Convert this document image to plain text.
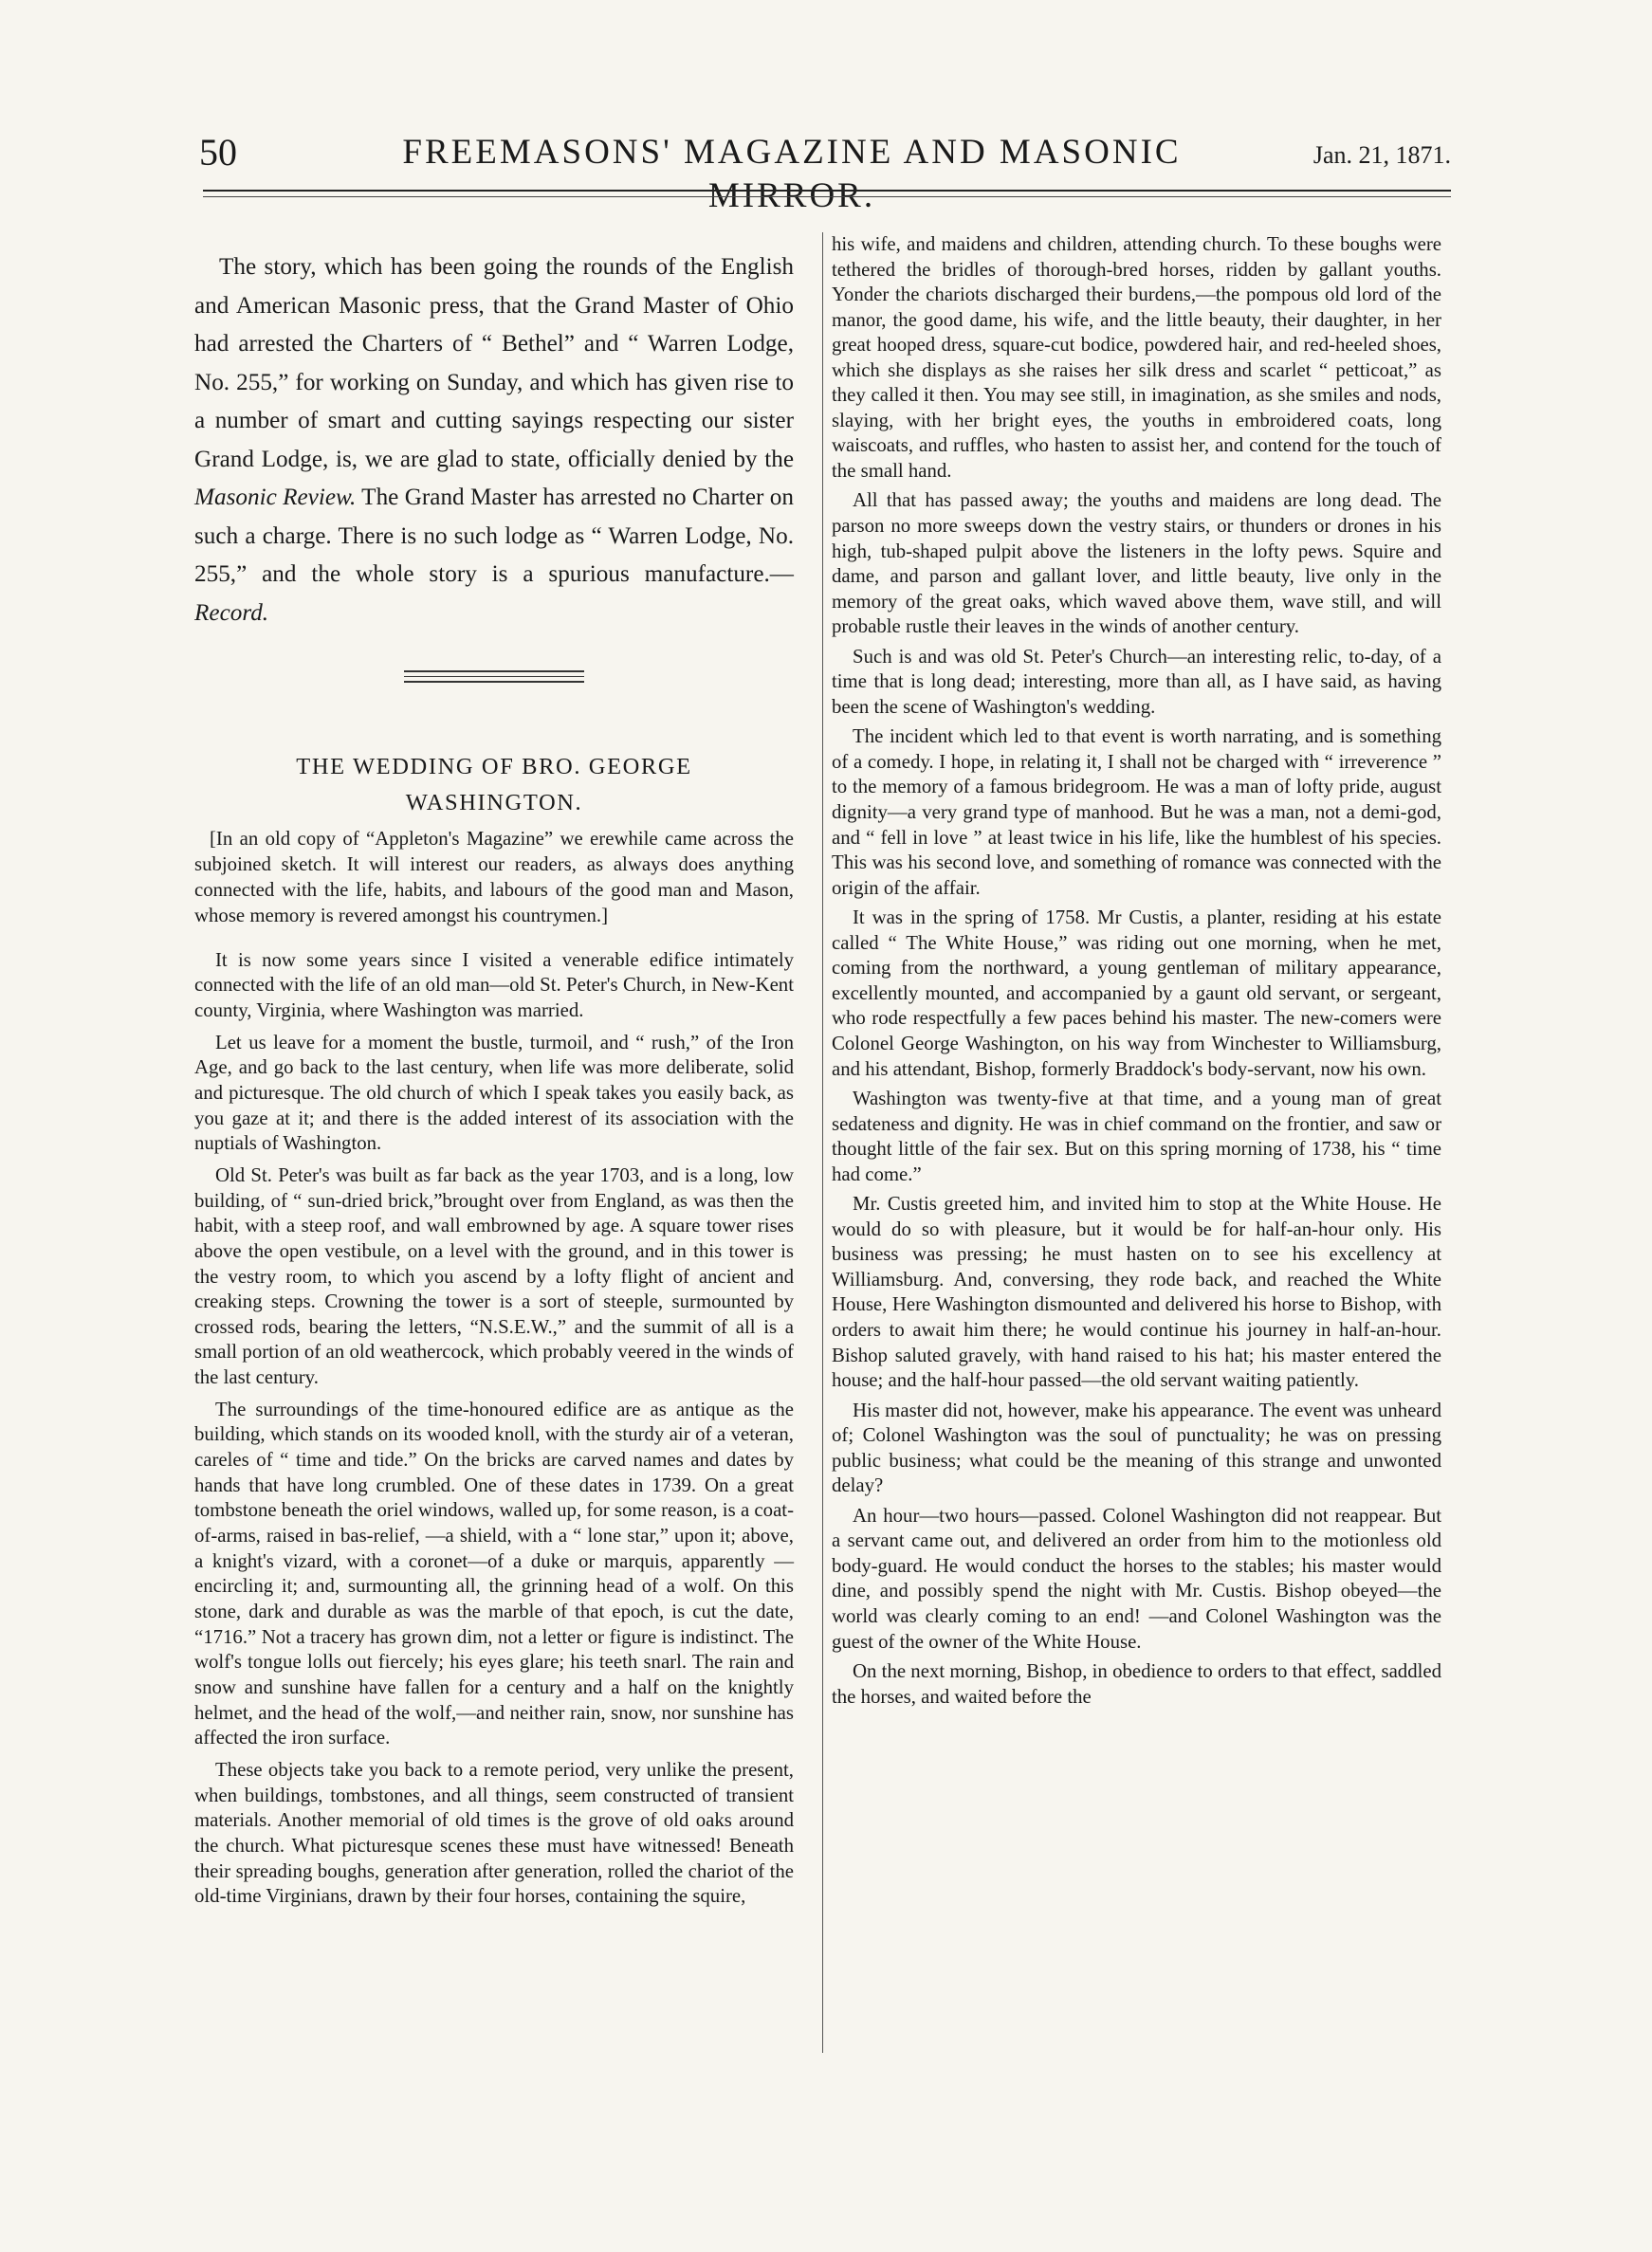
50	FREEMASONS' MAGAZINE AND MASONIC MIRROR.
Jan. 21, 1871.

The story, which has been going the rounds of the English and American Masonic press, that the Grand Master of Ohio had arrested the Charters of “ Bethel” and “ Warren Lodge, No. 255,” for working on Sunday, and which has given rise to a number of smart and cutting sayings respecting our sister Grand Lodge, is, we are glad to state, officially denied by the Masonic Review. The Grand Master has arrested no Charter on such a charge. There is no such lodge as “ Warren Lodge, No. 255,” and the whole story is a spurious manufacture.—Record.

THE WEDDING OF BRO. GEORGE
WASHINGTON.

[In an old copy of “Appleton's Magazine” we erewhile came across the subjoined sketch. It will interest our readers, as always does anything connected with the life, habits, and labours of the good man and Mason, whose memory is revered amongst his countrymen.]

It is now some years since I visited a venerable edifice intimately connected with the life of an old man—old St. Peter's Church, in New-Kent county, Virginia, where Washington was married.

Let us leave for a moment the bustle, turmoil, and “ rush,” of the Iron Age, and go back to the last century, when life was more deliberate, solid and picturesque. The old church of which I speak takes you easily back, as you gaze at it; and there is the added interest of its association with the nuptials of Washington.

Old St. Peter's was built as far back as the year 1703, and is a long, low building, of “ sun-dried brick,”brought over from England, as was then the habit, with a steep roof, and wall embrowned by age. A square tower rises above the open vestibule, on a level with the ground, and in this tower is the vestry room, to which you ascend by a lofty flight of ancient and creaking steps. Crowning the tower is a sort of steeple, surmounted by crossed rods, bearing the letters, “N.S.E.W.,” and the summit of all is a small portion of an old weathercock, which probably veered in the winds of the last century.

The surroundings of the time-honoured edifice are as antique as the building, which stands on its wooded knoll, with the sturdy air of a veteran, careles of “ time and tide.” On the bricks are carved names and dates by hands that have long crumbled. One of these dates in 1739. On a great tombstone beneath the oriel windows, walled up, for some reason, is a coat-of-arms, raised in bas-relief, —a shield, with a “ lone star,” upon it; above, a knight's vizard, with a coronet—of a duke or marquis, apparently —encircling it; and, surmounting all, the grinning head of a wolf. On this stone, dark and durable as was the marble of that epoch, is cut the date, “1716.” Not a tracery has grown dim, not a letter or figure is indistinct. The wolf's tongue lolls out fiercely; his eyes glare; his teeth snarl. The rain and snow and sunshine have fallen for a century and a half on the knightly helmet, and the head of the wolf,—and neither rain, snow, nor sunshine has affected the iron surface.

These objects take you back to a remote period, very unlike the present, when buildings, tombstones, and all things, seem constructed of transient materials. Another memorial of old times is the grove of old oaks around the church. What picturesque scenes these must have witnessed! Beneath their spreading boughs, generation after generation, rolled the chariot of the old-time Virginians, drawn by their four horses, containing the squire,

his wife, and maidens and children, attending church. To these boughs were tethered the bridles of thorough-bred horses, ridden by gallant youths. Yonder the chariots discharged their burdens,—the pompous old lord of the manor, the good dame, his wife, and the little beauty, their daughter, in her great hooped dress, square-cut bodice, powdered hair, and red-heeled shoes, which she displays as she raises her silk dress and scarlet “ petticoat,” as they called it then. You may see still, in imagination, as she smiles and nods, slaying, with her bright eyes, the youths in embroidered coats, long waiscoats, and ruffles, who hasten to assist her, and contend for the touch of the small hand.

All that has passed away; the youths and maidens are long dead. The parson no more sweeps down the vestry stairs, or thunders or drones in his high, tub-shaped pulpit above the listeners in the lofty pews. Squire and dame, and parson and gallant lover, and little beauty, live only in the memory of the great oaks, which waved above them, wave still, and will probable rustle their leaves in the winds of another century.

Such is and was old St. Peter's Church—an interesting relic, to-day, of a time that is long dead; interesting, more than all, as I have said, as having been the scene of Washington's wedding.

The incident which led to that event is worth narrating, and is something of a comedy. I hope, in relating it, I shall not be charged with “ irreverence ” to the memory of a famous bridegroom. He was a man of lofty pride, august dignity—a very grand type of manhood. But he was a man, not a demi-god, and “ fell in love ” at least twice in his life, like the humblest of his species. This was his second love, and something of romance was connected with the origin of the affair.

It was in the spring of 1758. Mr Custis, a planter, residing at his estate called “ The White House,” was riding out one morning, when he met, coming from the northward, a young gentleman of military appearance, excellently mounted, and accompanied by a gaunt old servant, or sergeant, who rode respectfully a few paces behind his master. The new-comers were Colonel George Washington, on his way from Winchester to Williamsburg, and his attendant, Bishop, formerly Braddock's body-servant, now his own.

Washington was twenty-five at that time, and a young man of great sedateness and dignity. He was in chief command on the frontier, and saw or thought little of the fair sex. But on this spring morning of 1738, his “ time had come.”

Mr. Custis greeted him, and invited him to stop at the White House. He would do so with pleasure, but it would be for half-an-hour only. His business was pressing; he must hasten on to see his excellency at Williamsburg. And, conversing, they rode back, and reached the White House, Here Washington dismounted and delivered his horse to Bishop, with orders to await him there; he would continue his journey in half-an-hour. Bishop saluted gravely, with hand raised to his hat; his master entered the house; and the half-hour passed—the old servant waiting patiently.

His master did not, however, make his appearance. The event was unheard of; Colonel Washington was the soul of punctuality; he was on pressing public business; what could be the meaning of this strange and unwonted delay?

An hour—two hours—passed. Colonel Washington did not reappear. But a servant came out, and delivered an order from him to the motionless old body-guard. He would conduct the horses to the stables; his master would dine, and possibly spend the night with Mr. Custis. Bishop obeyed—the world was clearly coming to an end! —and Colonel Washington was the guest of the owner of the White House.

On the next morning, Bishop, in obedience to orders to that effect, saddled the horses, and waited before the
